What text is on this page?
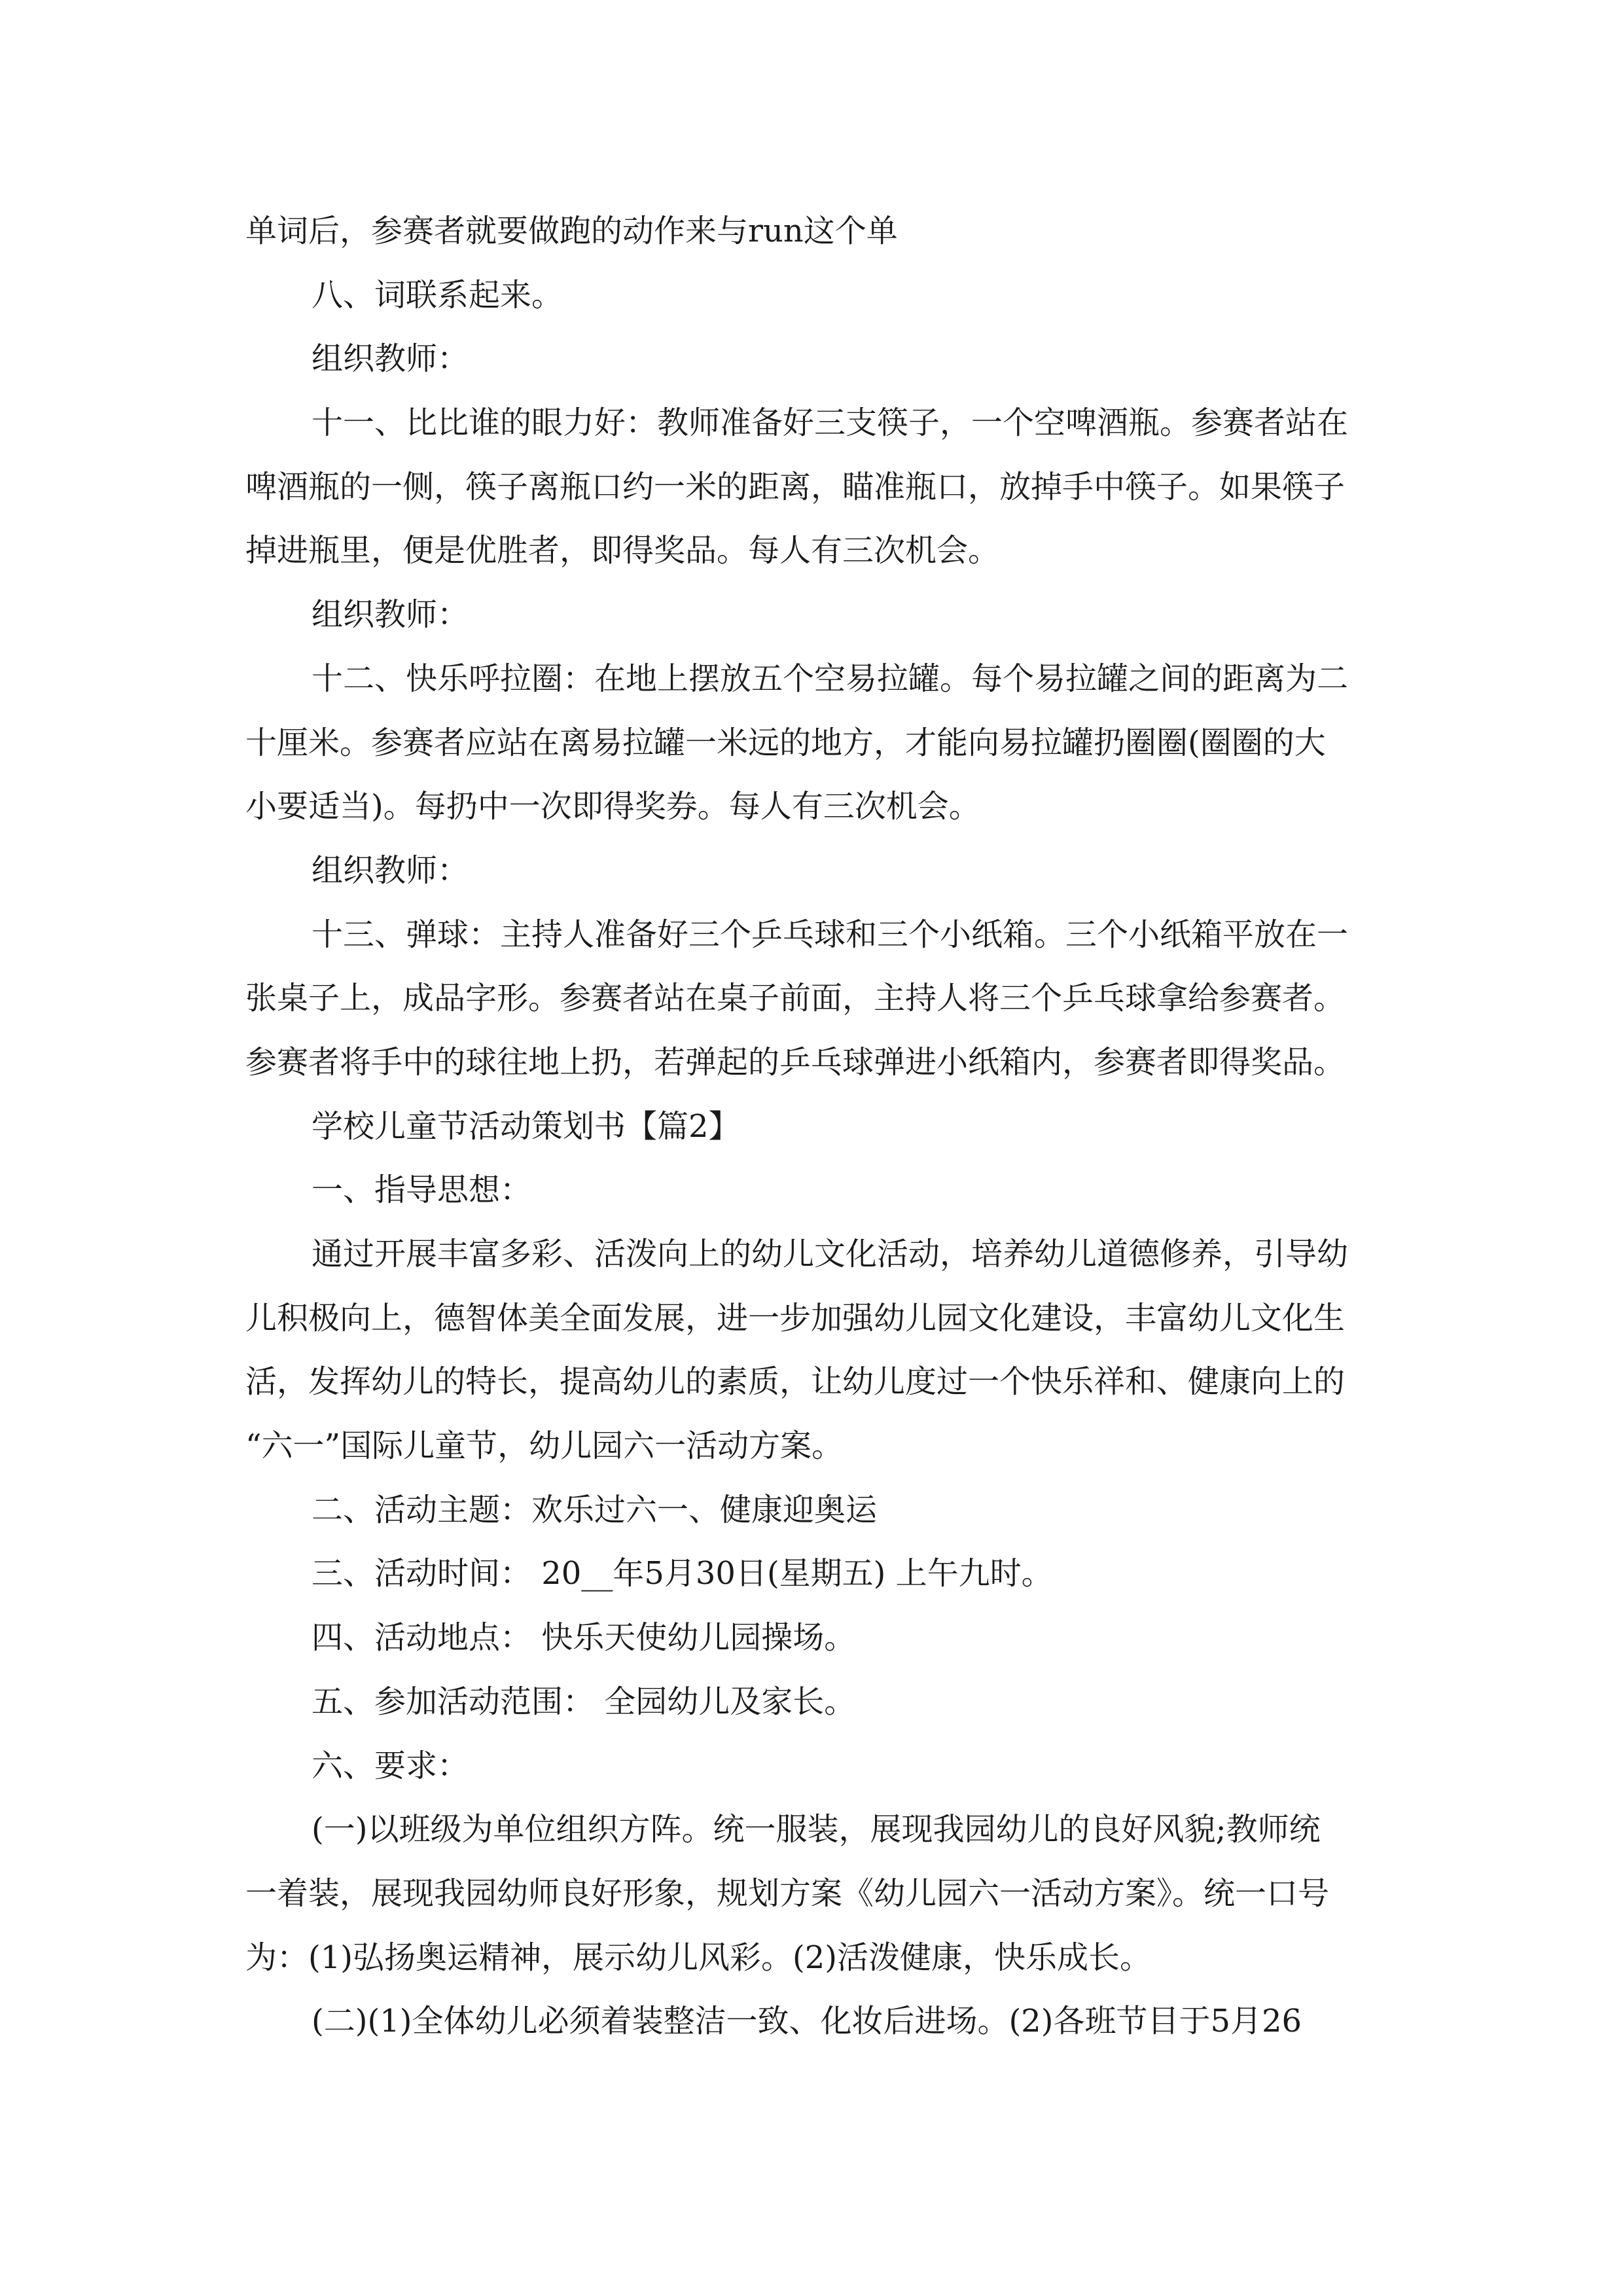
单词后，参赛者就要做跑的动作来与run这个单
八、词联系起来。
组织教师：
十一、比比谁的眼力好：教师准备好三支筷子，一个空啤酒瓶。参赛者站在
啤酒瓶的一侧，筷子离瓶口约一米的距离，瞄准瓶口，放掉手中筷子。如果筷子
掉进瓶里，便是优胜者，即得奖品。每人有三次机会。
组织教师：
十二、快乐呼拉圈：在地上摆放五个空易拉罐。每个易拉罐之间的距离为二
十厘米。参赛者应站在离易拉罐一米远的地方，才能向易拉罐扔圈圈(圈圈的大
小要适当)。每扔中一次即得奖券。每人有三次机会。
组织教师：
十三、弹球：主持人准备好三个乒乓球和三个小纸箱。三个小纸箱平放在一
张桌子上，成品字形。参赛者站在桌子前面，主持人将三个乒乓球拿给参赛者。
参赛者将手中的球往地上扔，若弹起的乒乓球弹进小纸箱内，参赛者即得奖品。
学校儿童节活动策划书【篇2】
一、指导思想：
通过开展丰富多彩、活泼向上的幼儿文化活动，培养幼儿道德修养，引导幼
儿积极向上，德智体美全面发展，进一步加强幼儿园文化建设，丰富幼儿文化生
活，发挥幼儿的特长，提高幼儿的素质，让幼儿度过一个快乐祥和、健康向上的
“六一”国际儿童节，幼儿园六一活动方案。
二、活动主题：欢乐过六一、健康迎奥运
三、活动时间： 20__年5月30日(星期五) 上午九时。
四、活动地点： 快乐天使幼儿园操场。
五、参加活动范围： 全园幼儿及家长。
六、要求：
(一)以班级为单位组织方阵。统一服装，展现我园幼儿的良好风貌;教师统
一着装，展现我园幼师良好形象，规划方案《幼儿园六一活动方案》。统一口号
为：(1)弘扬奥运精神，展示幼儿风彩。(2)活泼健康，快乐成长。
(二)(1)全体幼儿必须着装整洁一致、化妆后进场。(2)各班节目于5月26
